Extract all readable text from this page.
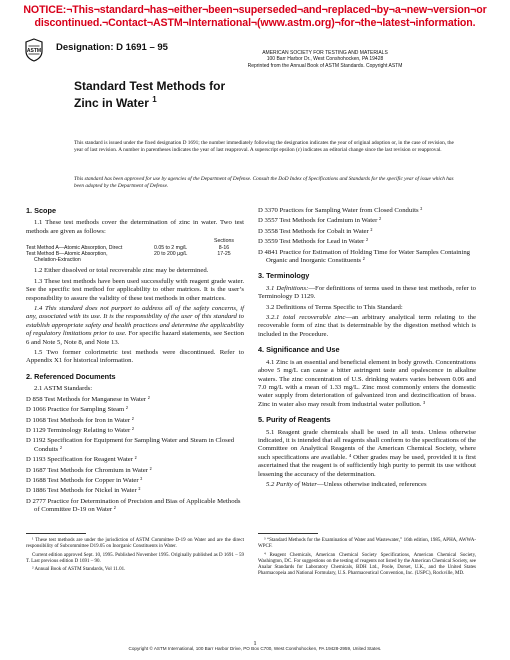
NOTICE:¬This¬standard¬has¬either¬been¬superseded¬and¬replaced¬by¬a¬new¬version¬or
discontinued.¬Contact¬ASTM¬International¬(www.astm.org)¬for¬the¬latest¬information.
ASTM Designation: D 1691 – 95	AMERICAN SOCIETY FOR TESTING AND MATERIALS
100 Barr Harbor Dr., West Conshohocken, PA 19428
Reprinted from the Annual Book of ASTM Standards. Copyright ASTM
Standard Test Methods for
Zinc in Water $^1$
This standard is issued under the fixed designation D 1691; the number immediately following the designation indicates the year of original adoption or, in the case of revision, the year of last revision. A number in parentheses indicates the year of last reapproval. A superscript epsilon (ε) indicates an editorial change since the last revision or reapproval.
This standard has been approved for use by agencies of the Department of Defense. Consult the DoD Index of Specifications and Standards for the specific year of issue which has been adopted by the Department of Defense.
1. Scope

1.1 These test methods cover the determination of zinc in water. Two test methods are given as follows:

Sections
Test Method A—Atomic Absorption, Direct	0.05 to 2 mg/L	8-16
Test Method B—Atomic Absorption,	20 to 200 µg/L	17-25
Chelation-Extraction

1.2 Either dissolved or total recoverable zinc may be determined.

1.3 These test methods have been used successfully with reagent grade water. See the specific test method for applicability to other matrices. It is the user’s responsibility to assure the validity of these test methods in other matrices.

1.4 This standard does not purport to address all of the safety concerns, if any, associated with its use. It is the responsibility of the user of this standard to establish appropriate safety and health practices and determine the applicability of regulatory limitations prior to use. For specific hazard statements, see Section 6 and Note 5, Note 8, and Note 13.

1.5 Two former colorimetric test methods were discontinued. Refer to Appendix X1 for historical information.

2. Referenced Documents

2.1 ASTM Standards:

D 858 Test Methods for Manganese in Water ²

D 1066 Practice for Sampling Steam ²

D 1068 Test Methods for Iron in Water ²

D 1129 Terminology Relating to Water ²

D 1192 Specification for Equipment for Sampling Water and Steam in Closed Conduits ²

D 1193 Specification for Reagent Water ²

D 1687 Test Methods for Chromium in Water ²

D 1688 Test Methods for Copper in Water ²

D 1886 Test Methods for Nickel in Water ²

D 2777 Practice for Determination of Precision and Bias of Applicable Methods of Committee D-19 on Water ²

D 3370 Practices for Sampling Water from Closed Conduits ²

D 3557 Test Methods for Cadmium in Water ²

D 3558 Test Methods for Cobalt in Water ²

D 3559 Test Methods for Lead in Water ²

D 4841 Practice for Estimation of Holding Time for Water Samples Containing Organic and Inorganic Constituents ²

3. Terminology

3.1 Definitions:—For definitions of terms used in these test methods, refer to Terminology D 1129.

3.2 Definitions of Terms Specific to This Standard:

3.2.1 total recoverable zinc—an arbitrary analytical term relating to the recoverable form of zinc that is determinable by the digestion method which is included in the Procedure.

4. Significance and Use

4.1 Zinc is an essential and beneficial element in body growth. Concentrations above 5 mg/L can cause a bitter astringent taste and opalescence in alkaline waters. The zinc concentration of U.S. drinking waters varies between 0.06 and 7.0 mg/L with a mean of 1.33 mg/L. Zinc most commonly enters the domestic water supply from deterioration of galvanized iron and dezincification of brass. Zinc in water also may result from industrial water pollution. ³

5. Purity of Reagents

5.1 Reagent grade chemicals shall be used in all tests. Unless otherwise indicated, it is intended that all reagents shall conform to the specifications of the Committee on Analytical Reagents of the American Chemical Society, where such specifications are available. ⁴ Other grades may be used, provided it is first ascertained that the reagent is of sufficiently high purity to permit its use without lessening the accuracy of the determination.

5.2 Purity of Water—Unless otherwise indicated, references

¹ These test methods are under the jurisdiction of ASTM Committee D-19 on Water and are the direct responsibility of Subcommittee D19.05 on Inorganic Constituents in Water.

Current edition approved Sept. 10, 1995. Published November 1995. Originally published as D 1691 – 59 T. Last previous edition D 1691 – 90.

² Annual Book of ASTM Standards, Vol 11.01.

³ “Standard Methods for the Examination of Water and Wastewater,” 16th edition, 1985, APHA, AWWA-WPCF.

⁴ Reagent Chemicals, American Chemical Society Specifications, American Chemical Society, Washington, DC. For suggestions on the testing of reagents not listed by the American Chemical Society, see Analar Standards for Laboratory Chemicals, BDH Ltd., Poole, Dorset, U.K., and the United States Pharmacopeia and National Formulary, U.S. Pharmaceutical Convention, Inc. (USPC), Rockville, MD.

1
Copyright © ASTM International, 100 Barr Harbor Drive, PO Box C700, West Conshohocken, PA 19428-2959, United States.
